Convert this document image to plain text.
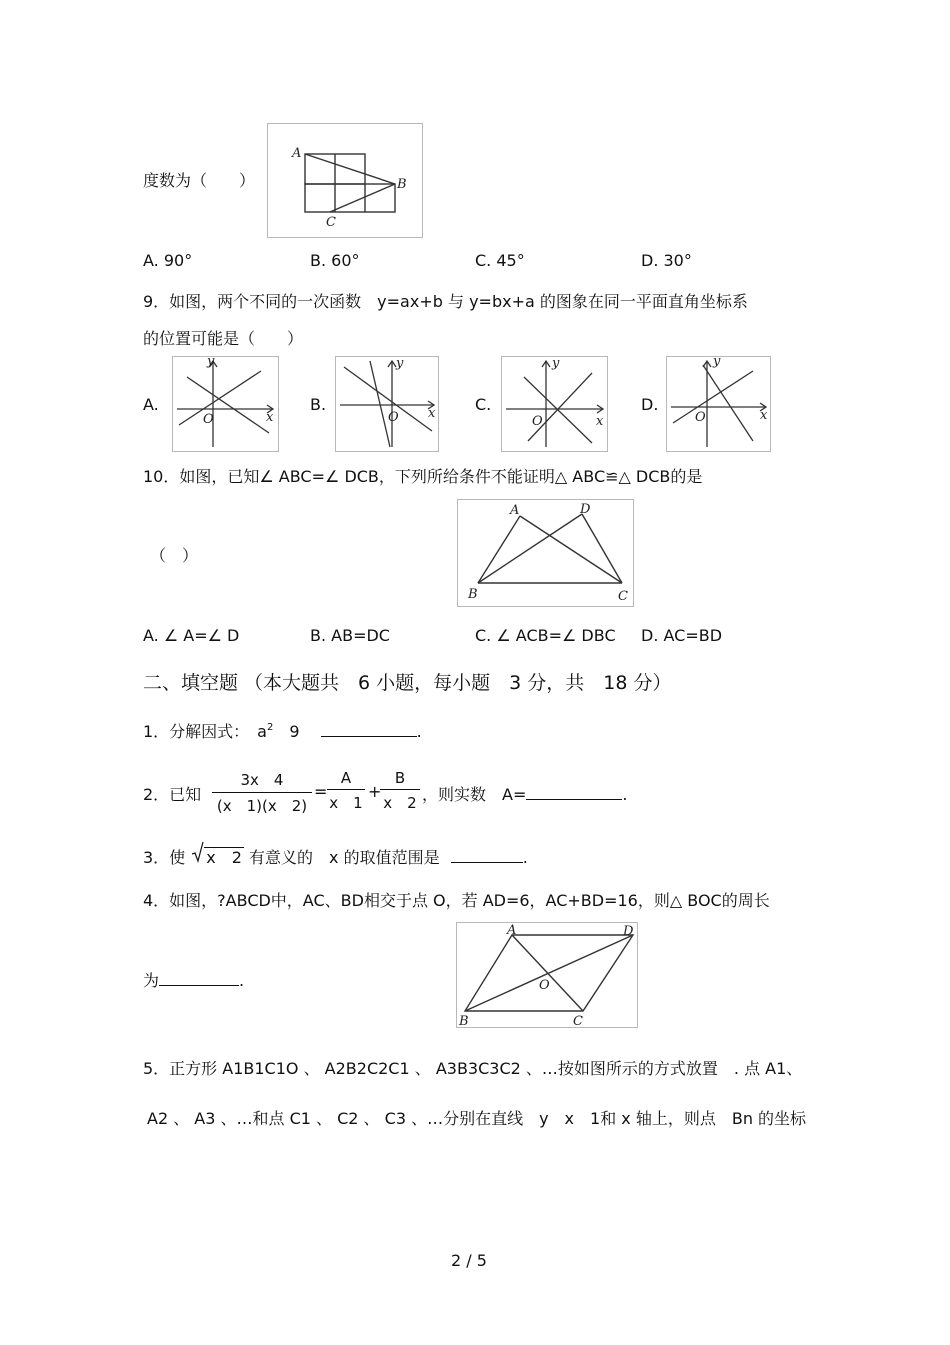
度数为（　　）
A
B
C
A. 90°	B. 60°	C. 45°	D. 30°
9．如图，两个不同的一次函数　y=ax+b 与 y=bx+a 的图象在同一平面直角坐标系
的位置可能是（　　）
A.
O	x
y
B.
O x
y
C.
O	x
y
D.
O	x
y
10．如图，已知∠ ABC=∠ DCB，下列所给条件不能证明△ ABC≌△ DCB的是
（　）
A	D
B	C
A. ∠ A=∠ D	B. AB=DC	C. ∠ ACB=∠ DBC D. AC=BD
二、填空题 （本大题共　6 小题，每小题　3 分，共　18 分）
1．分解因式：　$a^2$　9	.
2．已知 $\frac{3x 4}{(x 1)(x 2)} = \frac{A}{x 1}$ +
$\frac{B}{x 2}$ ，则实数　A=	.
3．使 x　2 有意义的　x 的取值范围是	.
4．如图，?ABCD中，AC、BD相交于点 O，若 AD=6，AC+BD=16，则△ BOC的周长
为	.
A	D
O
B	C
5．正方形 A1B1C1O 、 A2B2C2C1 、 A3B3C3C2 、…按如图所示的方式放置　. 点 A1、
A2 、 A3 、…和点 C1 、 C2 、 C3 、…分别在直线　y　x　1和 x 轴上，则点　Bn 的坐标
2 / 5
